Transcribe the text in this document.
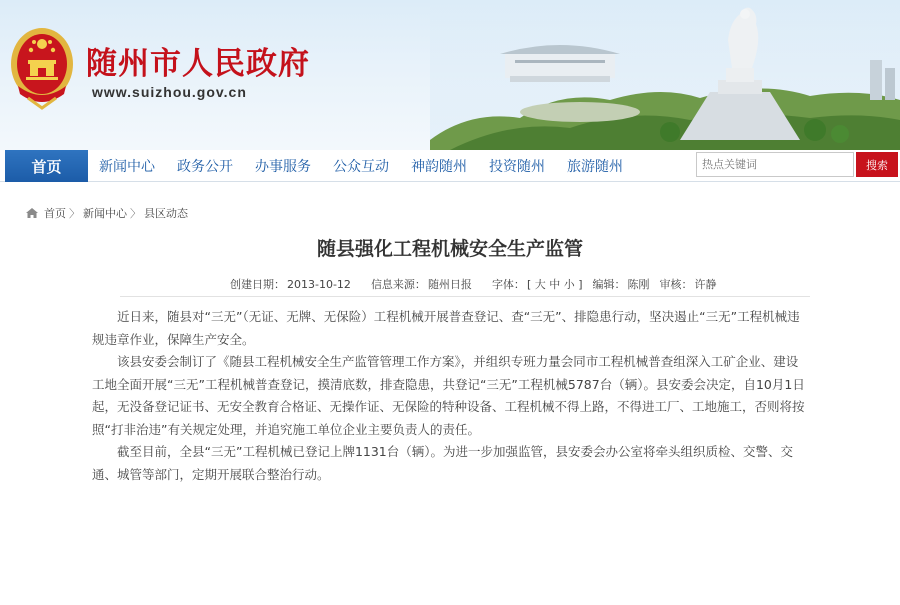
随州市人民政府
www.suizhou.gov.cn
首页	新闻中心	政务公开	办事服务	公众互动	神韵随州	投资随州	旅游随州
热点关键词	搜索
首页 〉 新闻中心 〉 县区动态
随县强化工程机械安全生产监管
创建日期： 2013-10-12 信息来源： 随州日报 字体： [ 大 中 小 ] 编辑： 陈刚 审核： 许静

近日来，随县对“三无”（无证、无牌、无保险）工程机械开展普查登记、查“三无”、排隐患行动，坚决遏止“三无”工程机械违规违章作业，保障生产安全。

该县安委会制订了《随县工程机械安全生产监管管理工作方案》，并组织专班力量会同市工程机械普查组深入工矿企业、建设工地全面开展“三无”工程机械普查登记，摸清底数，排查隐患，共登记“三无”工程机械5787台（辆）。县安委会决定，自10月1日起，无没备登记证书、无安全教育合格证、无操作证、无保险的特种设备、工程机械不得上路，不得进工厂、工地施工，否则将按照“打非治违”有关规定处理，并追究施工单位企业主要负责人的责任。

截至目前，全县“三无”工程机械已登记上牌1131台（辆）。为进一步加强监管，县安委会办公室将牵头组织质检、交警、交通、城管等部门，定期开展联合整治行动。
